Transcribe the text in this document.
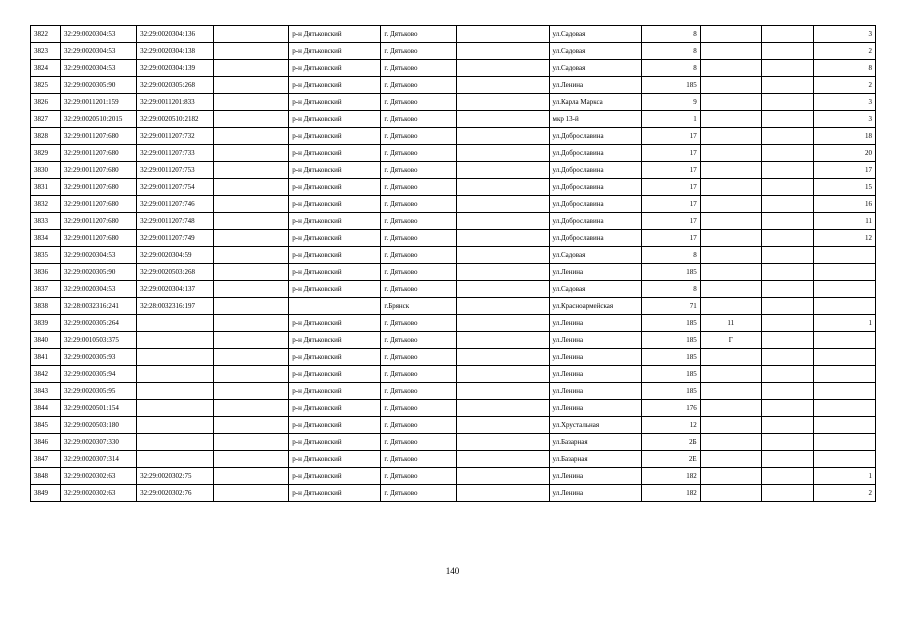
3822	32:29:0020304:53	32:29:0020304:136		р-н Дятьковский	г. Дятьково		ул.Садовая	8			3
3823	32:29:0020304:53	32:29:0020304:138		р-н Дятьковский	г. Дятьково		ул.Садовая	8			2
3824	32:29:0020304:53	32:29:0020304:139		р-н Дятьковский	г. Дятьково		ул.Садовая	8			8
3825	32:29:0020305:90	32:29:0020305:268		р-н Дятьковский	г. Дятьково		ул.Ленина	185			2
3826	32:29:0011201:159	32:29:0011201:833		р-н Дятьковский	г. Дятьково		ул.Карла Маркса	9			3
3827	32:29:0020510:2015	32:29:0020510:2182		р-н Дятьковский	г. Дятьково		мкр 13-й	1			3
3828	32:29:0011207:680	32:29:0011207:732		р-н Дятьковский	г. Дятьково		ул.Доброславина	17			18
3829	32:29:0011207:680	32:29:0011207:733		р-н Дятьковский	г. Дятьково		ул.Доброславина	17			20
3830	32:29:0011207:680	32:29:0011207:753		р-н Дятьковский	г. Дятьково		ул.Доброславина	17			17
3831	32:29:0011207:680	32:29:0011207:754		р-н Дятьковский	г. Дятьково		ул.Доброславина	17			15
3832	32:29:0011207:680	32:29:0011207:746		р-н Дятьковский	г. Дятьково		ул.Доброславина	17			16
3833	32:29:0011207:680	32:29:0011207:748		р-н Дятьковский	г. Дятьково		ул.Доброславина	17			11
3834	32:29:0011207:680	32:29:0011207:749		р-н Дятьковский	г. Дятьково		ул.Доброславина	17			12
3835	32:29:0020304:53	32:29:0020304:59		р-н Дятьковский	г. Дятьково		ул.Садовая	8			
3836	32:29:0020305:90	32:29:0020503:268		р-н Дятьковский	г. Дятьково		ул.Ленина	185			
3837	32:29:0020304:53	32:29:0020304:137		р-н Дятьковский	г. Дятьково		ул.Садовая	8			
3838	32:28:0032316:241	32:28:0032316:197			г.Брянск		ул.Красноармейская	71			
3839	32:29:0020305:264			р-н Дятьковский	г. Дятьково		ул.Ленина	185	11		1
3840	32:29:0010503:375			р-н Дятьковский	г. Дятьково		ул.Ленина	185	Г		
3841	32:29:0020305:93			р-н Дятьковский	г. Дятьково		ул.Ленина	185			
3842	32:29:0020305:94			р-н Дятьковский	г. Дятьково		ул.Ленина	185			
3843	32:29:0020305:95			р-н Дятьковский	г. Дятьково		ул.Ленина	185			
3844	32:29:0020501:154			р-н Дятьковский	г. Дятьково		ул.Ленина	176			
3845	32:29:0020503:180			р-н Дятьковский	г. Дятьково		ул.Хрустальная	12			
3846	32:29:0020307:330			р-н Дятьковский	г. Дятьково		ул.Базарная	2Б			
3847	32:29:0020307:314			р-н Дятьковский	г. Дятьково		ул.Базарная	2Е			
3848	32:29:0020302:63	32:29:0020302:75		р-н Дятьковский	г. Дятьково		ул.Ленина	182			1
3849	32:29:0020302:63	32:29:0020302:76		р-н Дятьковский	г. Дятьково		ул.Ленина	182			2
140
